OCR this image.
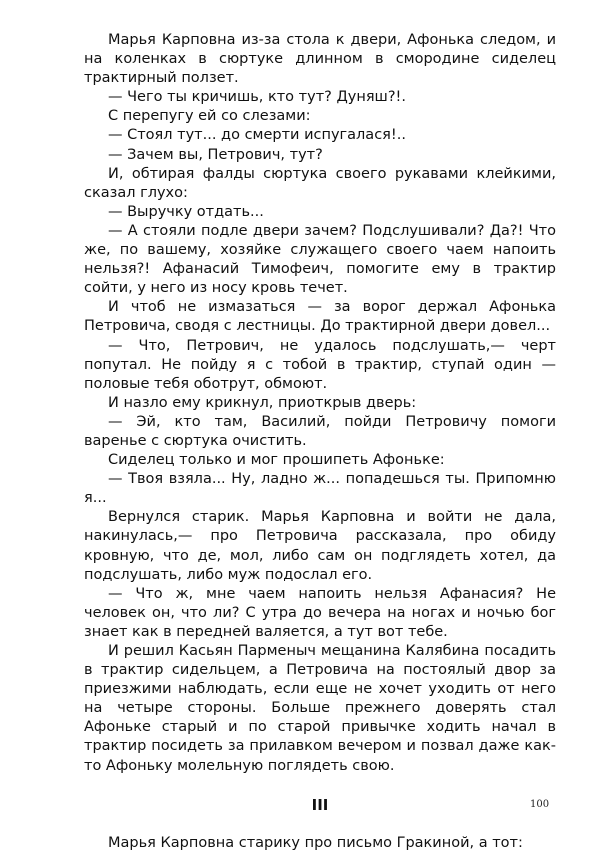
Марья Карповна из-за стола к двери, Афонька следом, и на коленках в сюртуке длинном в смородине сиделец трактирный ползет.

— Чего ты кричишь, кто тут? Дуняш?!.

С перепугу ей со слезами:

— Стоял тут... до смерти испугалася!..

— Зачем вы, Петрович, тут?

И, обтирая фалды сюртука своего рукавами клейкими, сказал глухо:

— Выручку отдать...

— А стояли подле двери зачем? Подслушивали? Да?! Что же, по вашему, хозяйке служащего своего чаем напоить нельзя?! Афанасий Тимофеич, помогите ему в трактир сойти, у него из носу кровь течет.

И чтоб не измазаться — за ворог держал Афонька Петровича, сводя с лестницы. До трактирной двери довел...

— Что, Петрович, не удалось подслушать,— черт попутал. Не пойду я с тобой в трактир, ступай один — половые тебя оботрут, обмоют.

И назло ему крикнул, приоткрыв дверь:

— Эй, кто там, Василий, пойди Петровичу помоги варенье с сюртука очистить.

Сиделец только и мог прошипеть Афоньке:

— Твоя взяла... Ну, ладно ж... попадешься ты. Припомню я...

Вернулся старик. Марья Карповна и войти не дала, накинулась,— про Петровича рассказала, про обиду кровную, что де, мол, либо сам он подглядеть хотел, да подслушать, либо муж подослал его.

— Что ж, мне чаем напоить нельзя Афанасия? Не человек он, что ли? С утра до вечера на ногах и ночью бог знает как в передней валяется, а тут вот тебе.

И решил Касьян Парменыч мещанина Калябина посадить в трактир сидельцем, а Петровича на постоялый двор за приезжими наблюдать, если еще не хочет уходить от него на четыре стороны. Больше прежнего доверять стал Афоньке старый и по старой привычке ходить начал в трактир посидеть за прилавком вечером и позвал даже как-то Афоньку молельную поглядеть свою.

III

Марья Карповна старику про письмо Гракиной, а тот:

100
